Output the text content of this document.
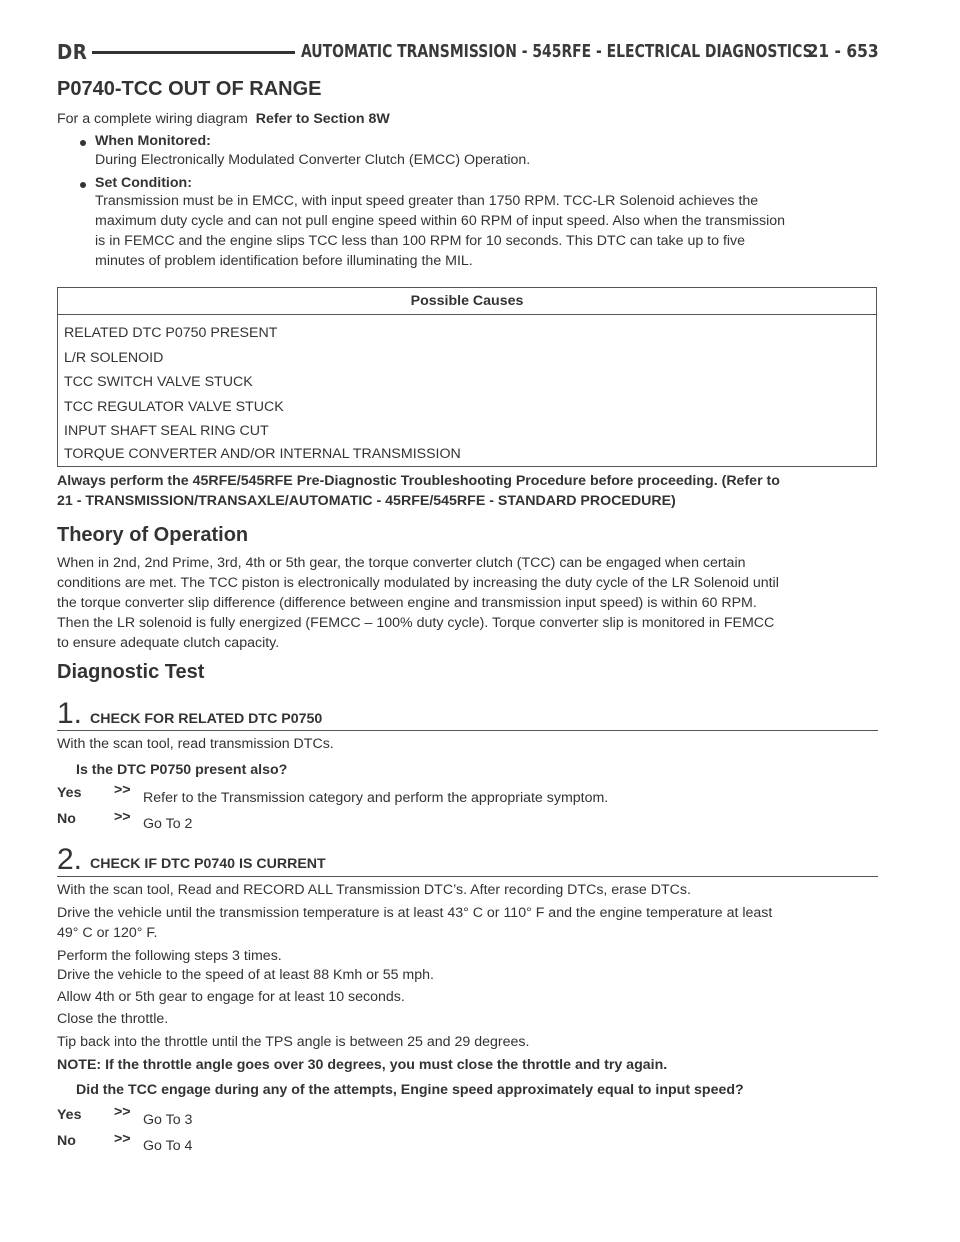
DR	AUTOMATIC TRANSMISSION - 545RFE - ELECTRICAL DIAGNOSTICS
21 - 653
P0740-TCC OUT OF RANGE
For a complete wiring diagram Refer to Section 8W
When Monitored:
During Electronically Modulated Converter Clutch (EMCC) Operation.
Set Condition:
Transmission must be in EMCC, with input speed greater than 1750 RPM. TCC-LR Solenoid achieves the
maximum duty cycle and can not pull engine speed within 60 RPM of input speed. Also when the transmission
is in FEMCC and the engine slips TCC less than 100 RPM for 10 seconds. This DTC can take up to five
minutes of problem identification before illuminating the MIL.
Possible Causes
RELATED DTC P0750 PRESENT
L/R SOLENOID
TCC SWITCH VALVE STUCK
TCC REGULATOR VALVE STUCK
INPUT SHAFT SEAL RING CUT
TORQUE CONVERTER AND/OR INTERNAL TRANSMISSION
Always perform the 45RFE/545RFE Pre-Diagnostic Troubleshooting Procedure before proceeding. (Refer to
21 - TRANSMISSION/TRANSAXLE/AUTOMATIC - 45RFE/545RFE - STANDARD PROCEDURE)
Theory of Operation
When in 2nd, 2nd Prime, 3rd, 4th or 5th gear, the torque converter clutch (TCC) can be engaged when certain
conditions are met. The TCC piston is electronically modulated by increasing the duty cycle of the LR Solenoid until
the torque converter slip difference (difference between engine and transmission input speed) is within 60 RPM.
Then the LR solenoid is fully energized (FEMCC – 100% duty cycle). Torque converter slip is monitored in FEMCC
to ensure adequate clutch capacity.
Diagnostic Test
1. CHECK FOR RELATED DTC P0750
With the scan tool, read transmission DTCs.
Is the DTC P0750 present also?
Yes >> Refer to the Transmission category and perform the appropriate symptom.
No	>> Go To 2
2. CHECK IF DTC P0740 IS CURRENT
With the scan tool, Read and RECORD ALL Transmission DTC’s. After recording DTCs, erase DTCs.
Drive the vehicle until the transmission temperature is at least 43° C or 110° F and the engine temperature at least
49° C or 120° F.
Perform the following steps 3 times.
Drive the vehicle to the speed of at least 88 Kmh or 55 mph.
Allow 4th or 5th gear to engage for at least 10 seconds.
Close the throttle.
Tip back into the throttle until the TPS angle is between 25 and 29 degrees.
NOTE: If the throttle angle goes over 30 degrees, you must close the throttle and try again.
Did the TCC engage during any of the attempts, Engine speed approximately equal to input speed?
Yes >> Go To 3
No	>> Go To 4
